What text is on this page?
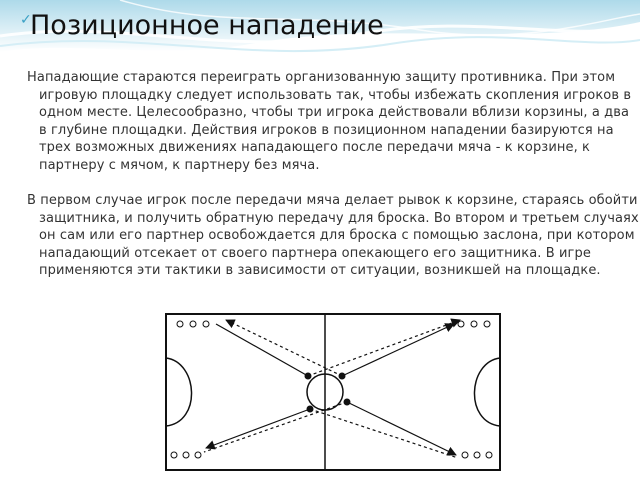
✓
Позиционное нападение

Нападающие стараются переиграть организованную защиту противника. При этом игровую площадку следует использовать так, чтобы избежать скопления игроков в одном месте. Целесообразно, чтобы три игрока действовали вблизи корзины, а два в глубине площадки. Действия игроков в позиционном нападении базируются на трех возможных движениях нападающего после передачи мяча - к корзине, к партнеру с мячом, к партнеру без мяча.

В первом случае игрок после передачи мяча делает рывок к корзине, стараясь обойти защитника, и получить обратную передачу для броска. Во втором и третьем случаях он сам или его партнер освобождается для броска с помощью заслона, при котором нападающий отсекает от своего партнера опекающего его защитника. В игре применяются эти тактики в зависимости от ситуации, возникшей на площадке.
